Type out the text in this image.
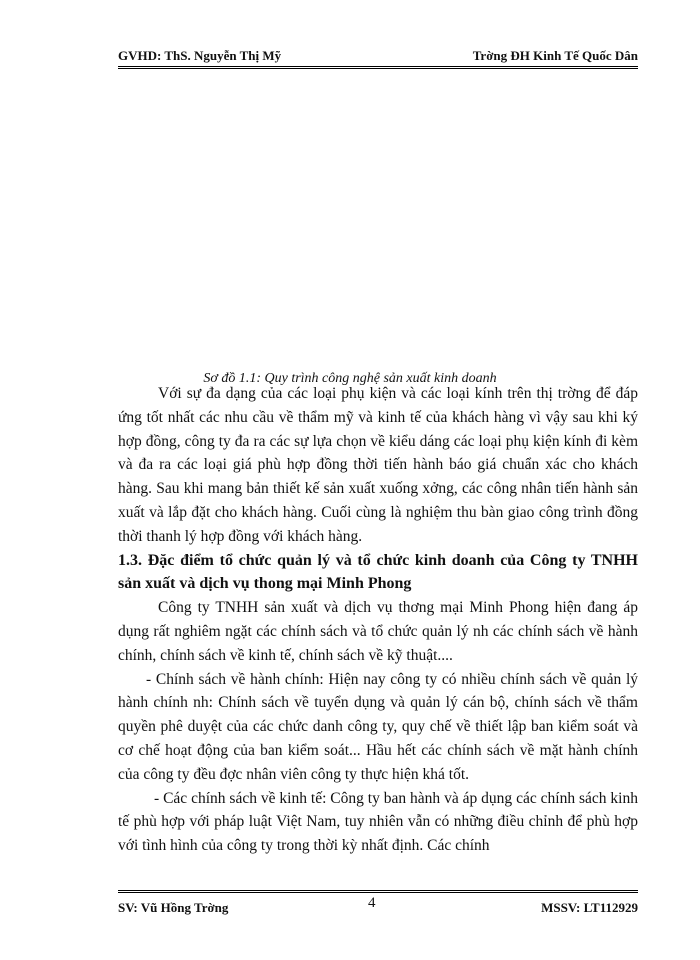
GVHD: ThS. Nguyễn Thị Mỹ	Trờng ĐH Kinh Tế Quốc Dân
Sơ đồ 1.1: Quy trình công nghệ sản xuất kinh doanh

Với sự đa dạng của các loại phụ kiện và các loại kính trên thị trờng để đáp ứng tốt nhất các nhu cầu về thẩm mỹ và kinh tế của khách hàng vì vậy sau khi ký hợp đồng, công ty đa ra các sự lựa chọn về kiểu dáng các loại phụ kiện kính đi kèm và đa ra các loại giá phù hợp đồng thời tiến hành báo giá chuẩn xác cho khách hàng. Sau khi mang bản thiết kế sản xuất xuống xởng, các công nhân tiến hành sản xuất và lắp đặt cho khách hàng. Cuối cùng là nghiệm thu bàn giao công trình đồng thời thanh lý hợp đồng với khách hàng.

1.3. Đặc điểm tổ chức quản lý và tổ chức kinh doanh của Công ty TNHH sản xuất và dịch vụ thong mại Minh Phong

Công ty TNHH sản xuất và dịch vụ thơng mại Minh Phong hiện đang áp dụng rất nghiêm ngặt các chính sách và tổ chức quản lý nh các chính sách về hành chính, chính sách về kinh tế, chính sách về kỹ thuật....

- Chính sách về hành chính: Hiện nay công ty có nhiều chính sách về quản lý hành chính nh: Chính sách về tuyển dụng và quản lý cán bộ, chính sách về thẩm quyền phê duyệt của các chức danh công ty, quy chế về thiết lập ban kiểm soát và cơ chế hoạt động của ban kiểm soát... Hầu hết các chính sách về mặt hành chính của công ty đều đợc nhân viên công ty thực hiện khá tốt.

- Các chính sách về kinh tế: Công ty ban hành và áp dụng các chính sách kinh tế phù hợp với pháp luật Việt Nam, tuy nhiên vẫn có những điều chỉnh để phù hợp với tình hình của công ty trong thời kỳ nhất định. Các chính

SV: Vũ Hồng Trờng	4	MSSV: LT112929
